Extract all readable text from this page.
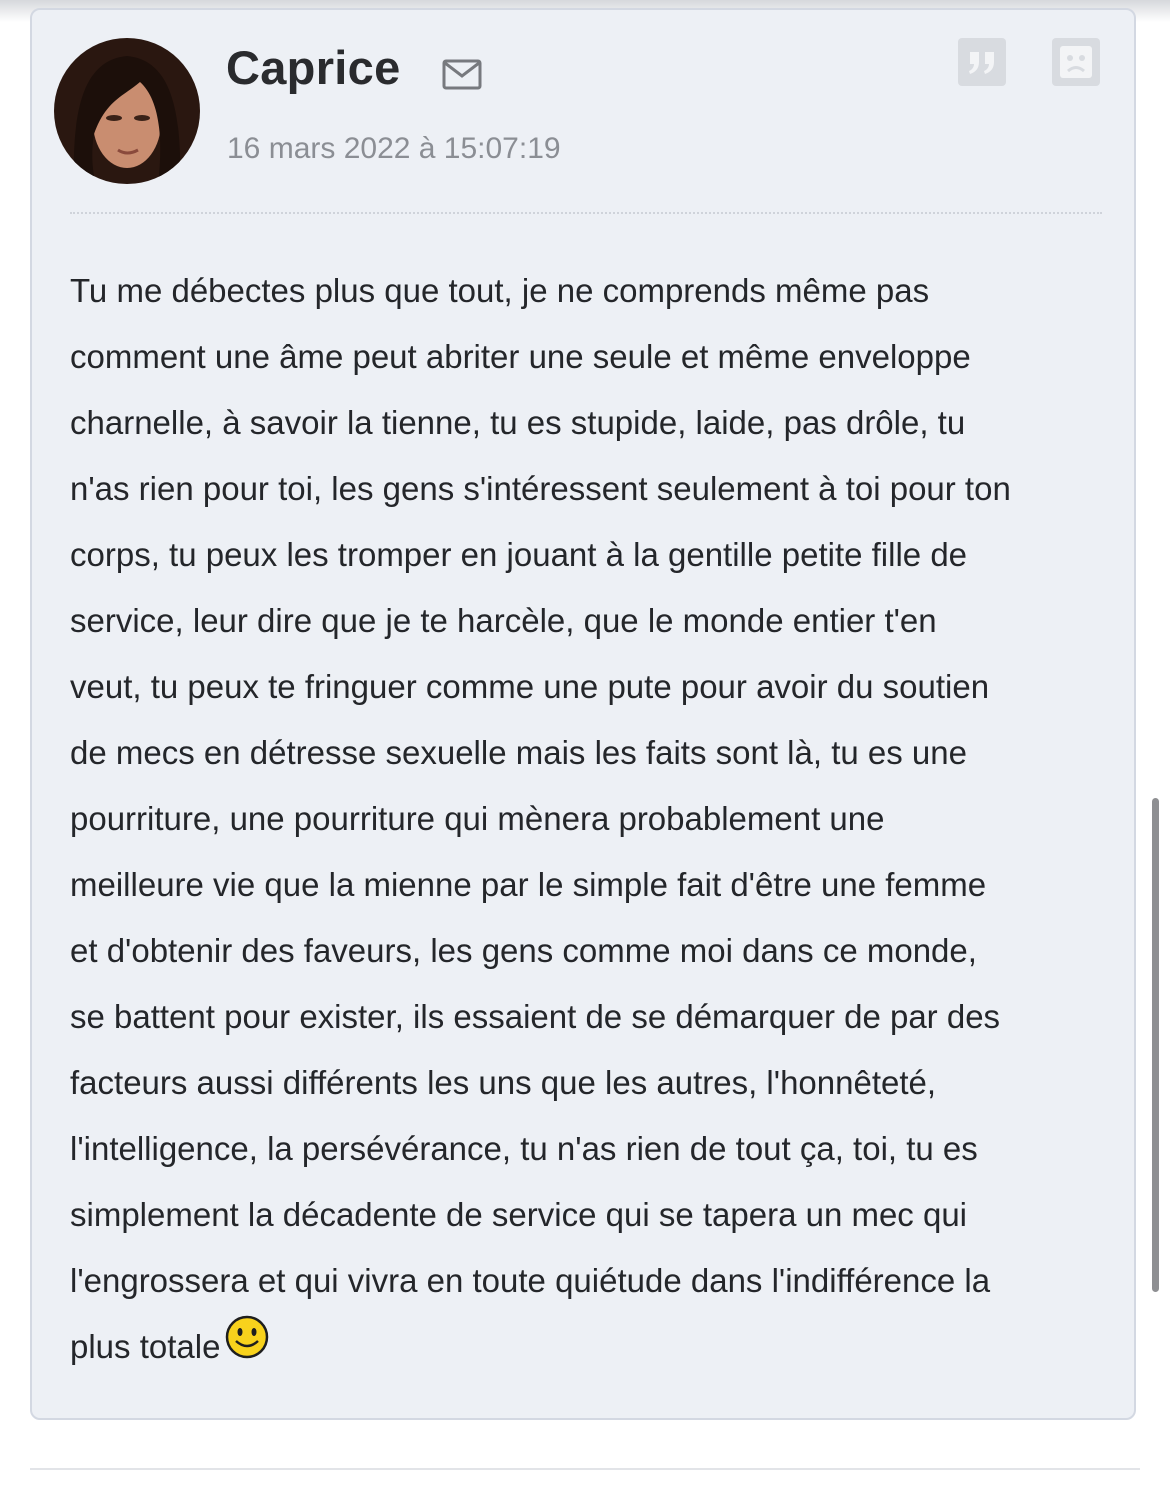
Caprice
16 mars 2022 à 15:07:19

Tu me débectes plus que tout, je ne comprends même pas
comment une âme peut abriter une seule et même enveloppe
charnelle, à savoir la tienne, tu es stupide, laide, pas drôle, tu
n'as rien pour toi, les gens s'intéressent seulement à toi pour ton
corps, tu peux les tromper en jouant à la gentille petite fille de
service, leur dire que je te harcèle, que le monde entier t'en
veut, tu peux te fringuer comme une pute pour avoir du soutien
de mecs en détresse sexuelle mais les faits sont là, tu es une
pourriture, une pourriture qui mènera probablement une
meilleure vie que la mienne par le simple fait d'être une femme
et d'obtenir des faveurs, les gens comme moi dans ce monde,
se battent pour exister, ils essaient de se démarquer de par des
facteurs aussi différents les uns que les autres, l'honnêteté,
l'intelligence, la persévérance, tu n'as rien de tout ça, toi, tu es
simplement la décadente de service qui se tapera un mec qui
l'engrossera et qui vivra en toute quiétude dans l'indifférence la
plus totale
